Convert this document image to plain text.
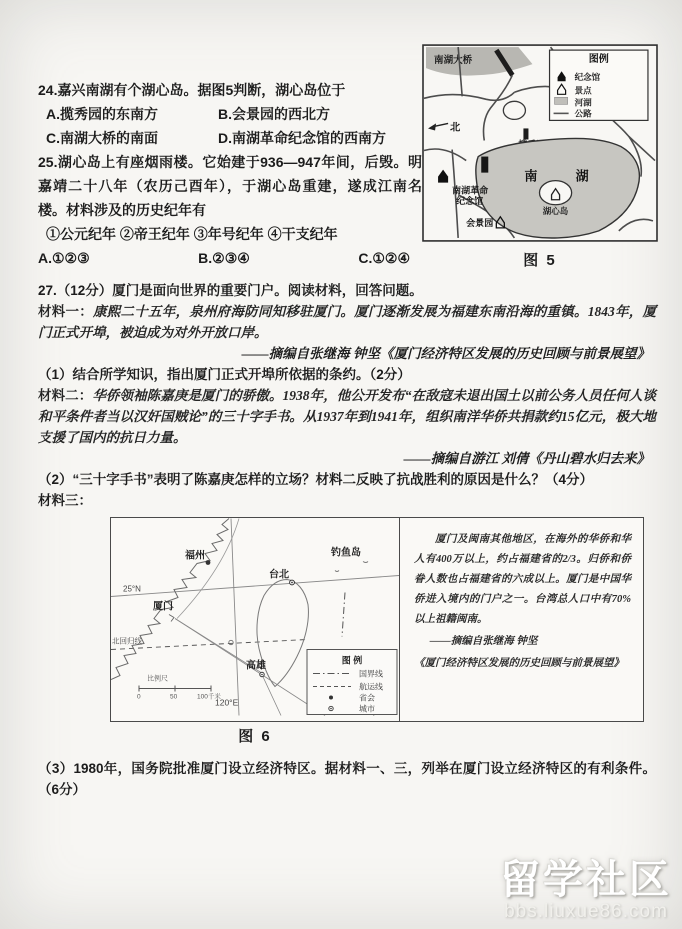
24.嘉兴南湖有个湖心岛。据图5判断，湖心岛位于
A.揽秀园的东南方	B.会景园的西北方
C.南湖大桥的南面	D.南湖革命纪念馆的西南方
25.湖心岛上有座烟雨楼。它始建于936—947年间，后毁。明嘉靖二十八年（农历己酉年），于湖心岛重建，遂成江南名楼。材料涉及的历史纪年有
①公元纪年 ②帝王纪年 ③年号纪年 ④干支纪年
A.①②③	B.②③④	C.①②④
南湖大桥
北
南	湖
湖心岛
南湖革命
纪念馆
会景园
图例
纪念馆
景点
河湖
公路
图 5
27.（12分）厦门是面向世界的重要门户。阅读材料，回答问题。
材料一：康熙二十五年，泉州府海防同知移驻厦门。厦门逐渐发展为福建东南沿海的重镇。1843年，厦门正式开埠，被迫成为对外开放口岸。
——摘编自张继海 钟坚《厦门经济特区发展的历史回顾与前景展望》
（1）结合所学知识，指出厦门正式开埠所依据的条约。（2分）
材料二：华侨领袖陈嘉庚是厦门的骄傲。1938年，他公开发布“在敌寇未退出国土以前公务人员任何人谈和平条件者当以汉奸国贼论”的三十字手书。从1937年到1941年，组织南洋华侨共捐款约15亿元，极大地支援了国内的抗日力量。
——摘编自游江 刘倩《丹山碧水归去来》
（2）“三十字手书”表明了陈嘉庚怎样的立场？材料二反映了抗战胜利的原因是什么？（4分）
材料三：
福州	钓鱼岛
25°N
台北
厦门
北回归线
高雄
120°E
比例尺
0	50	100千米
图 例
国界线
航运线
省会
城市

厦门及闽南其他地区，在海外的华侨和华人有400万以上，约占福建省的2/3。归侨和侨眷人数也占福建省的六成以上。厦门是中国华侨进入境内的门户之一。台湾总人口中有70%以上祖籍闽南。

——摘编自张继海 钟坚
《厦门经济特区发展的历史回顾与前景展望》
图 6
（3）1980年，国务院批准厦门设立经济特区。据材料一、三，列举在厦门设立经济特区的有利条件。（6分）
留学社区
bbs.liuxue86.com
